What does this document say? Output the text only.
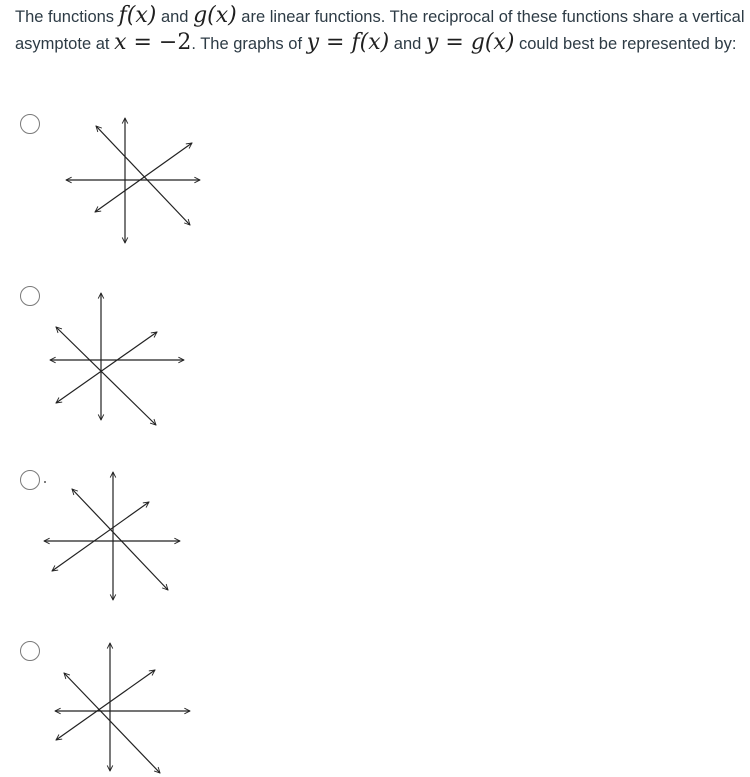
The functions f(x) and g(x) are linear functions. The reciprocal of these functions share a vertical asymptote at x = −2. The graphs of y = f(x) and y = g(x) could best be represented by:
